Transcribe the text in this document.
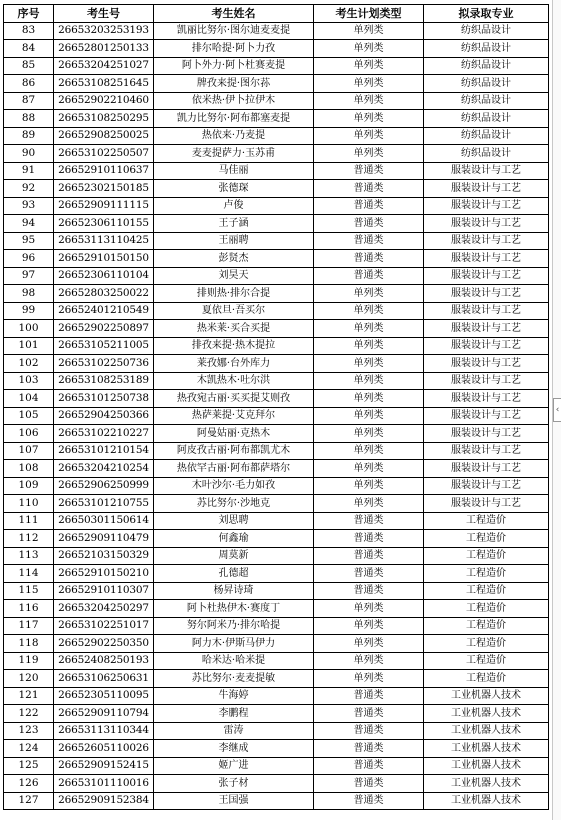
序号	考生号	考生姓名	考生计划类型	拟录取专业
83	26653203253193	凯丽比努尔·图尔迪麦麦提	单列类	纺织品设计
84	26652801250133	排尔哈提·阿卜力孜	单列类	纺织品设计
85	26653204251027	阿卜外力·阿卜杜赛麦提	单列类	纺织品设计
86	26653108251645	牌孜来提·图尔荪	单列类	纺织品设计
87	26652902210460	依米热·伊卜拉伊木	单列类	纺织品设计
88	26653108250295	凯力比努尔·阿布都塞麦提	单列类	纺织品设计
89	26652908250025	热依来·乃麦提	单列类	纺织品设计
90	26653102250507	麦麦提萨力·玉苏甫	单列类	纺织品设计
91	26652910110637	马佳丽	普通类	服装设计与工艺
92	26652302150185	张德琛	普通类	服装设计与工艺
93	26652909111115	卢俊	普通类	服装设计与工艺
94	26652306110155	王子涵	普通类	服装设计与工艺
95	26653113110425	王丽聘	普通类	服装设计与工艺
96	26652910150150	彭贤杰	普通类	服装设计与工艺
97	26652306110104	刘昊天	普通类	服装设计与工艺
98	26652803250022	排则热·排尔合提	单列类	服装设计与工艺
99	26652401210549	夏依旦·吾买尔	单列类	服装设计与工艺
100	26652902250897	热米莱·买合买提	单列类	服装设计与工艺
101	26653105211005	排孜来提·热木提拉	单列类	服装设计与工艺
102	26653102250736	莱孜娜·台外库力	单列类	服装设计与工艺
103	26653108253189	木凯热木·吐尔洪	单列类	服装设计与工艺
104	26653101250738	热孜宛古丽·买买提艾则孜	单列类	服装设计与工艺
105	26652904250366	热萨莱提·艾克拜尔	单列类	服装设计与工艺
106	26653102210227	阿曼姑丽·克热木	单列类	服装设计与工艺
107	26653101210154	阿皮孜古丽·阿布都凯尤木	单列类	服装设计与工艺
108	26653204210254	热依罕古丽·阿布都萨塔尔	单列类	服装设计与工艺
109	26652906250999	木叶沙尔·毛力如孜	单列类	服装设计与工艺
110	26653101210755	苏比努尔·沙地克	单列类	服装设计与工艺
111	26650301150614	刘思聘	普通类	工程造价
112	26652909110479	何鑫瑜	普通类	工程造价
113	26652103150329	周莫新	普通类	工程造价
114	26652910150210	孔德超	普通类	工程造价
115	26652910110307	杨昇诗琦	普通类	工程造价
116	26653204250297	阿卜杜热伊木·赛度丁	单列类	工程造价
117	26653102251017	努尔阿米乃·排尔哈提	单列类	工程造价
118	26652902250350	阿力木·伊斯马伊力	单列类	工程造价
119	26652408250193	哈米达·哈米提	单列类	工程造价
120	26653106250631	苏比努尔·麦麦提敏	单列类	工程造价
121	26652305110095	牛海婷	普通类	工业机器人技术
122	26652909110794	李鹏程	普通类	工业机器人技术
123	26653113110344	雷涛	普通类	工业机器人技术
124	26652605110026	李继成	普通类	工业机器人技术
125	26652909152415	姬广进	普通类	工业机器人技术
126	26653101110016	张子材	普通类	工业机器人技术
127	26652909152384	王国强	普通类	工业机器人技术
‹
